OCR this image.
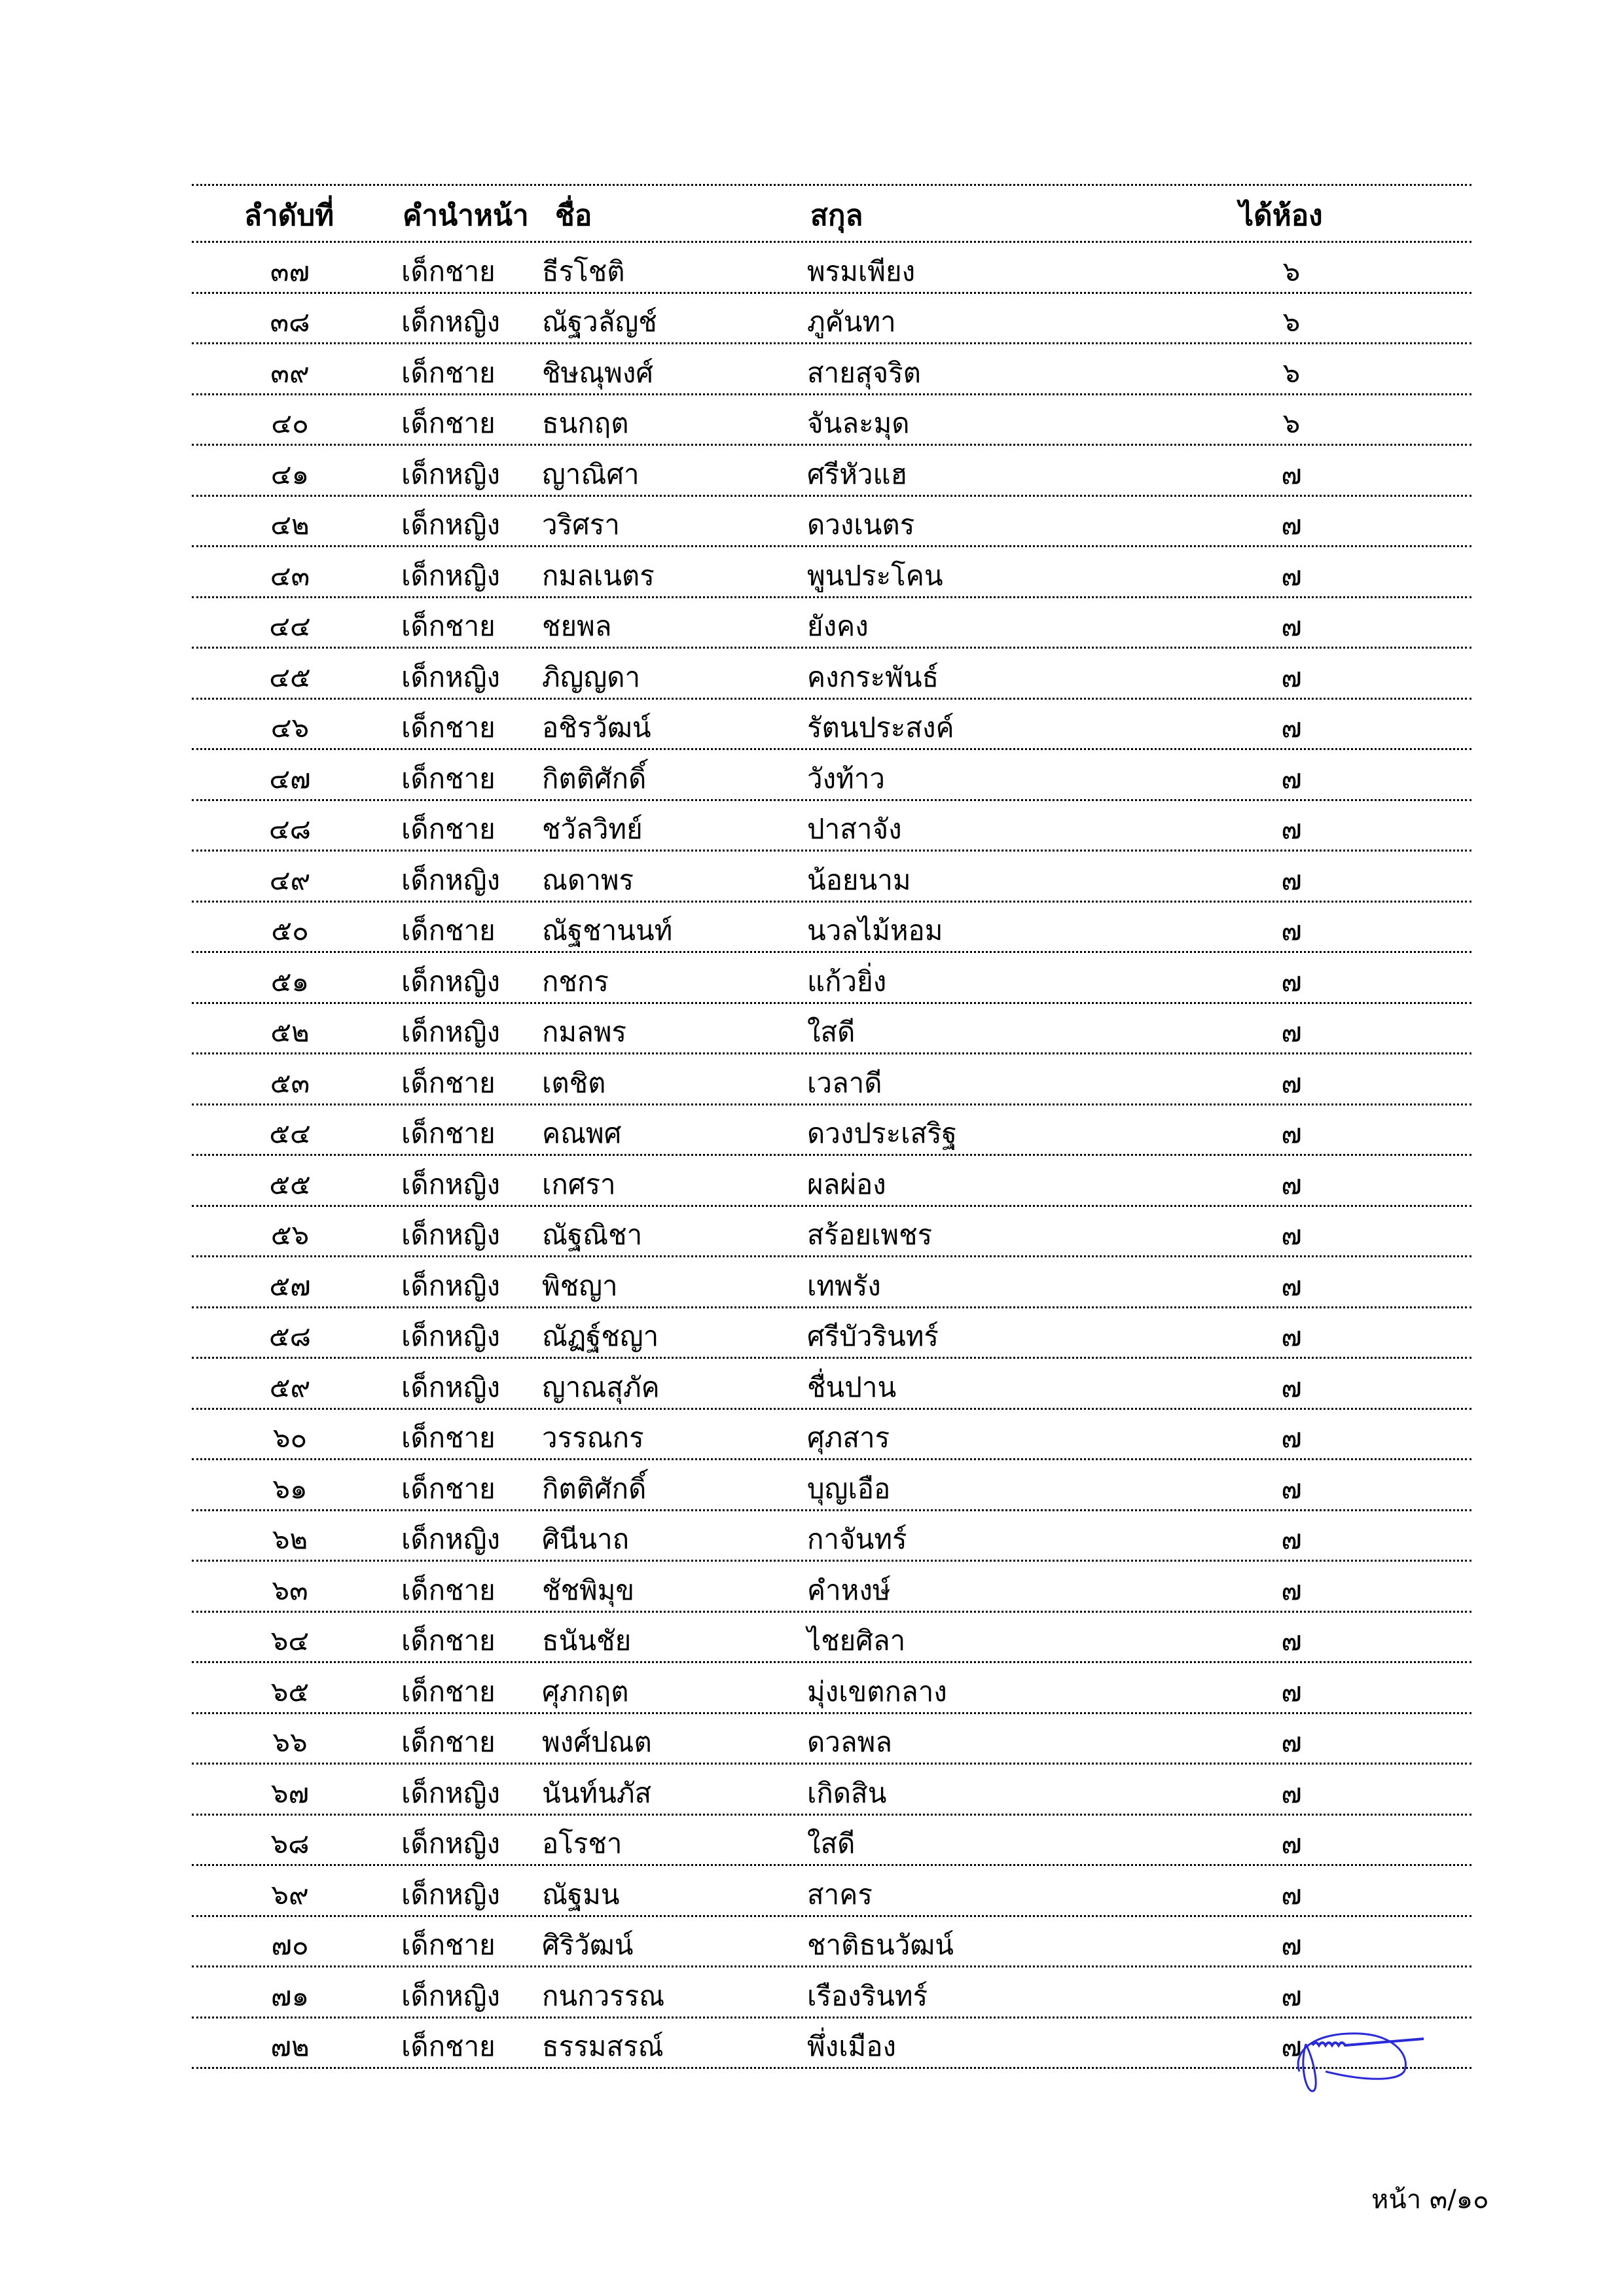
ลำดับที่ คำนำหน้า ชื่อ	สกุล	ได้ห้อง
๓๗	เด็กชาย ธีรโชติ	พรมเพียง	๖
๓๘	เด็กหญิง ณัฐวลัญช์	ภูคันทา	๖
๓๙	เด็กชาย ชิษณุพงศ์	สายสุจริต	๖
๔๐	เด็กชาย ธนกฤต	จันละมุด	๖
๔๑	เด็กหญิง ญาณิศา	ศรีหัวแฮ	๗
๔๒	เด็กหญิง วริศรา	ดวงเนตร	๗
๔๓	เด็กหญิง กมลเนตร	พูนประโคน	๗
๔๔	เด็กชาย ชยพล	ยังคง	๗
๔๕	เด็กหญิง ภิญญดา	คงกระพันธ์	๗
๔๖	เด็กชาย อชิรวัฒน์	รัตนประสงค์	๗
๔๗	เด็กชาย กิตติศักดิ์	วังท้าว	๗
๔๘	เด็กชาย ชวัลวิทย์	ปาสาจัง	๗
๔๙	เด็กหญิง ณดาพร	น้อยนาม	๗
๕๐	เด็กชาย ณัฐชานนท์	นวลไม้หอม	๗
๕๑	เด็กหญิง กชกร	แก้วยิ่ง	๗
๕๒	เด็กหญิง กมลพร	ใสดี	๗
๕๓	เด็กชาย เตชิต	เวลาดี	๗
๕๔	เด็กชาย คณพศ	ดวงประเสริฐ	๗
๕๕	เด็กหญิง เกศรา	ผลผ่อง	๗
๕๖	เด็กหญิง ณัฐณิชา	สร้อยเพชร	๗
๕๗	เด็กหญิง พิชญา	เทพรัง	๗
๕๘	เด็กหญิง ณัฏฐ์ชญา	ศรีบัวรินทร์	๗
๕๙	เด็กหญิง ญาณสุภัค	ชื่นปาน	๗
๖๐	เด็กชาย วรรณกร	ศุภสาร	๗
๖๑	เด็กชาย กิตติศักดิ์	บุญเอือ	๗
๖๒	เด็กหญิง ศินีนาถ	กาจันทร์	๗
๖๓	เด็กชาย ชัชพิมุข	คำหงษ์	๗
๖๔	เด็กชาย ธนันชัย	ไชยศิลา	๗
๖๕	เด็กชาย ศุภกฤต	มุ่งเขตกลาง	๗
๖๖	เด็กชาย พงศ์ปณต	ดวลพล	๗
๖๗	เด็กหญิง นันท์นภัส	เกิดสิน	๗
๖๘	เด็กหญิง อโรชา	ใสดี	๗
๖๙	เด็กหญิง ณัฐมน	สาคร	๗
๗๐	เด็กชาย ศิริวัฒน์	ชาติธนวัฒน์	๗
๗๑	เด็กหญิง กนกวรรณ	เรืองรินทร์	๗
๗๒	เด็กชาย ธรรมสรณ์	พึ่งเมือง	๗
หน้า ๓/๑๐
